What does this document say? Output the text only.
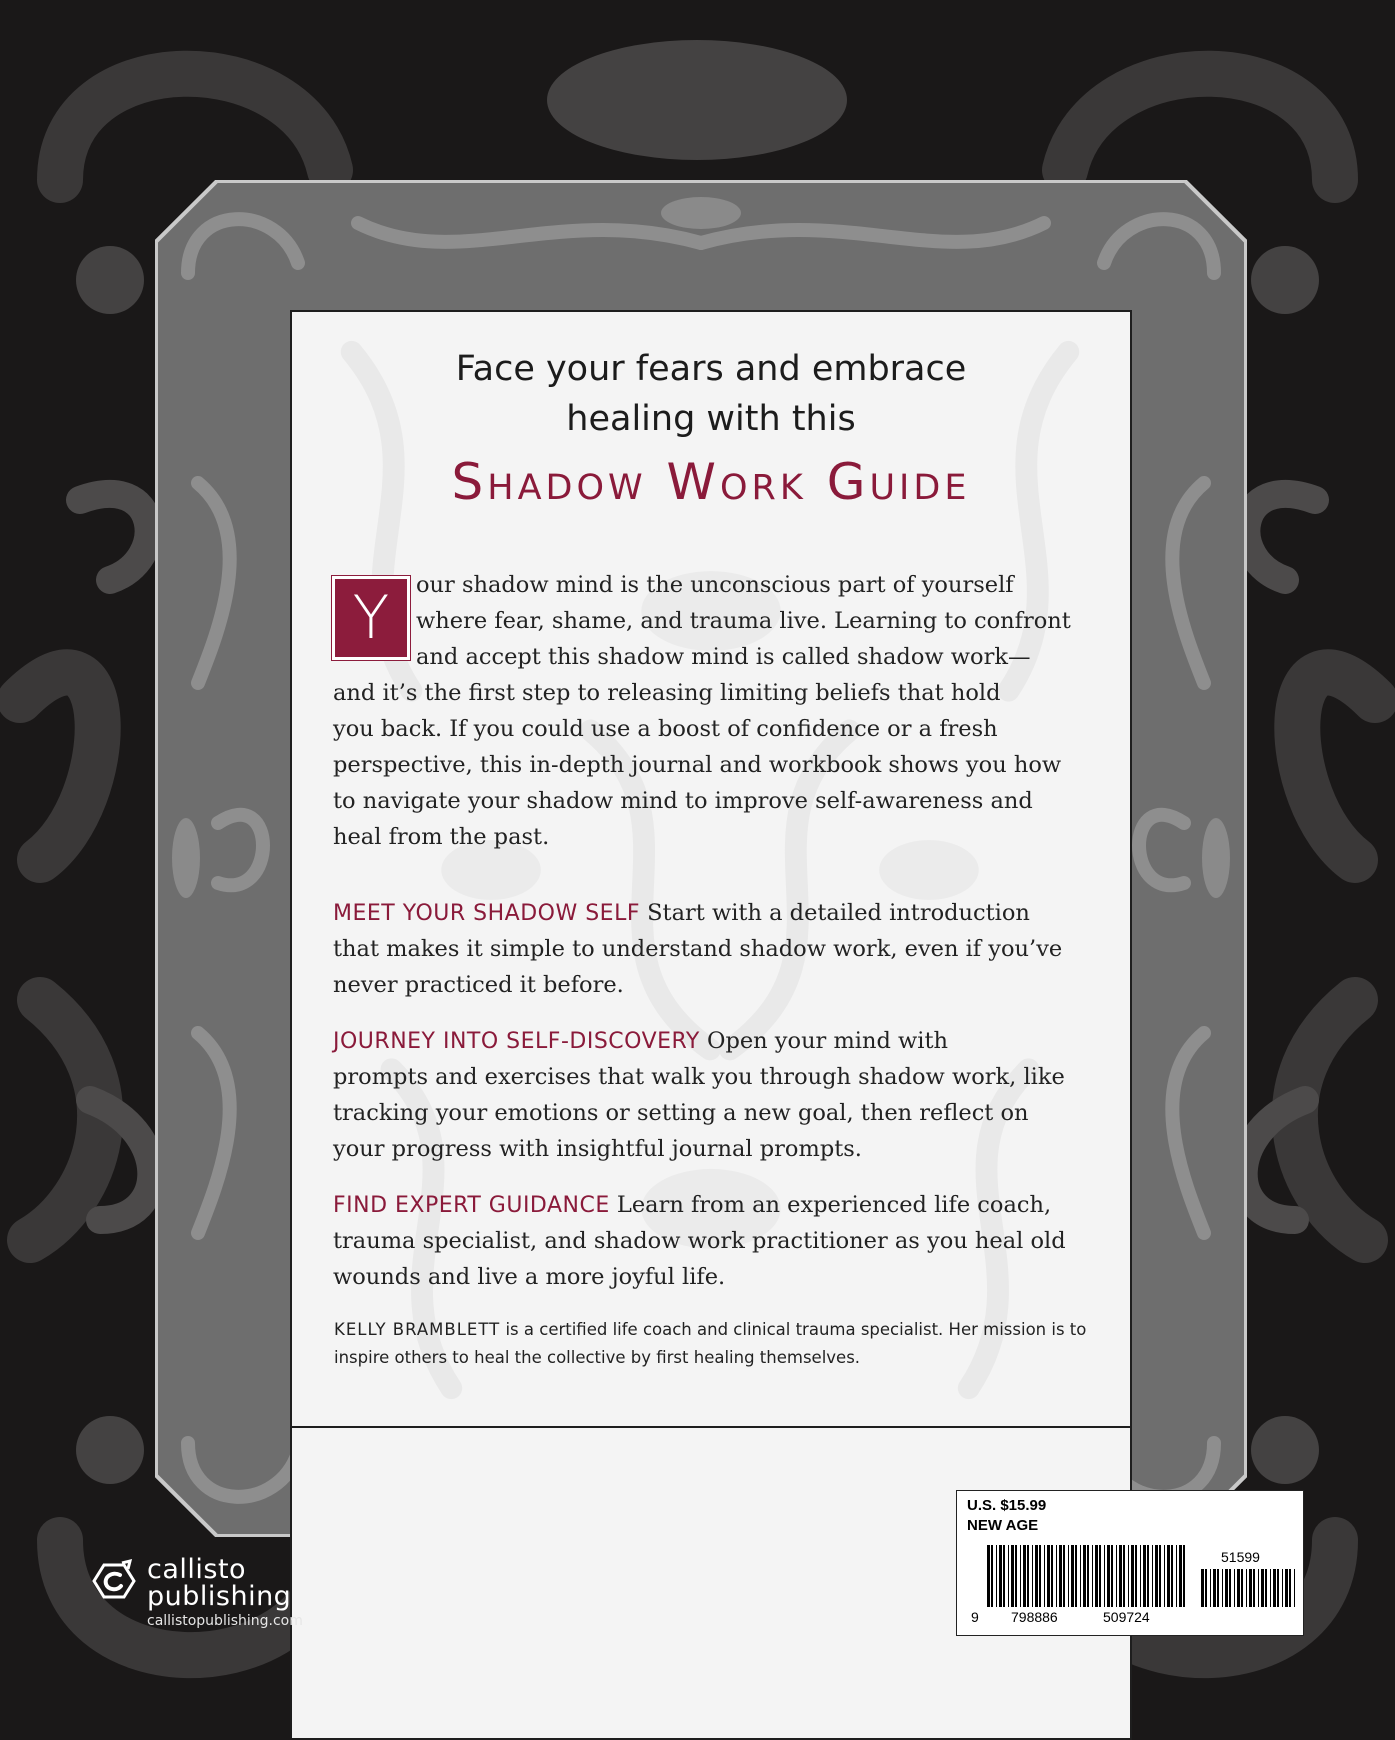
Face your fears and embrace
healing with this
Shadow Work Guide
Y	our shadow mind is the unconscious part of yourself
where fear, shame, and trauma live. Learning to confront
and accept this shadow mind is called shadow work—
and it’s the first step to releasing limiting beliefs that hold
you back. If you could use a boost of confidence or a fresh
perspective, this in-depth journal and workbook shows you how
to navigate your shadow mind to improve self-awareness and
heal from the past.
MEET YOUR SHADOW SELF Start with a detailed introduction
that makes it simple to understand shadow work, even if you’ve
never practiced it before.
JOURNEY INTO SELF-DISCOVERY Open your mind with
prompts and exercises that walk you through shadow work, like
tracking your emotions or setting a new goal, then reflect on
your progress with insightful journal prompts.
FIND EXPERT GUIDANCE Learn from an experienced life coach,
trauma specialist, and shadow work practitioner as you heal old
wounds and live a more joyful life.
KELLY BRAMBLETT is a certified life coach and clinical trauma specialist. Her mission is to
inspire others to heal the collective by first healing themselves.
U.S. $15.99
NEW AGE
51599
9 798886	509724
callisto
publishing
callistopublishing.com
